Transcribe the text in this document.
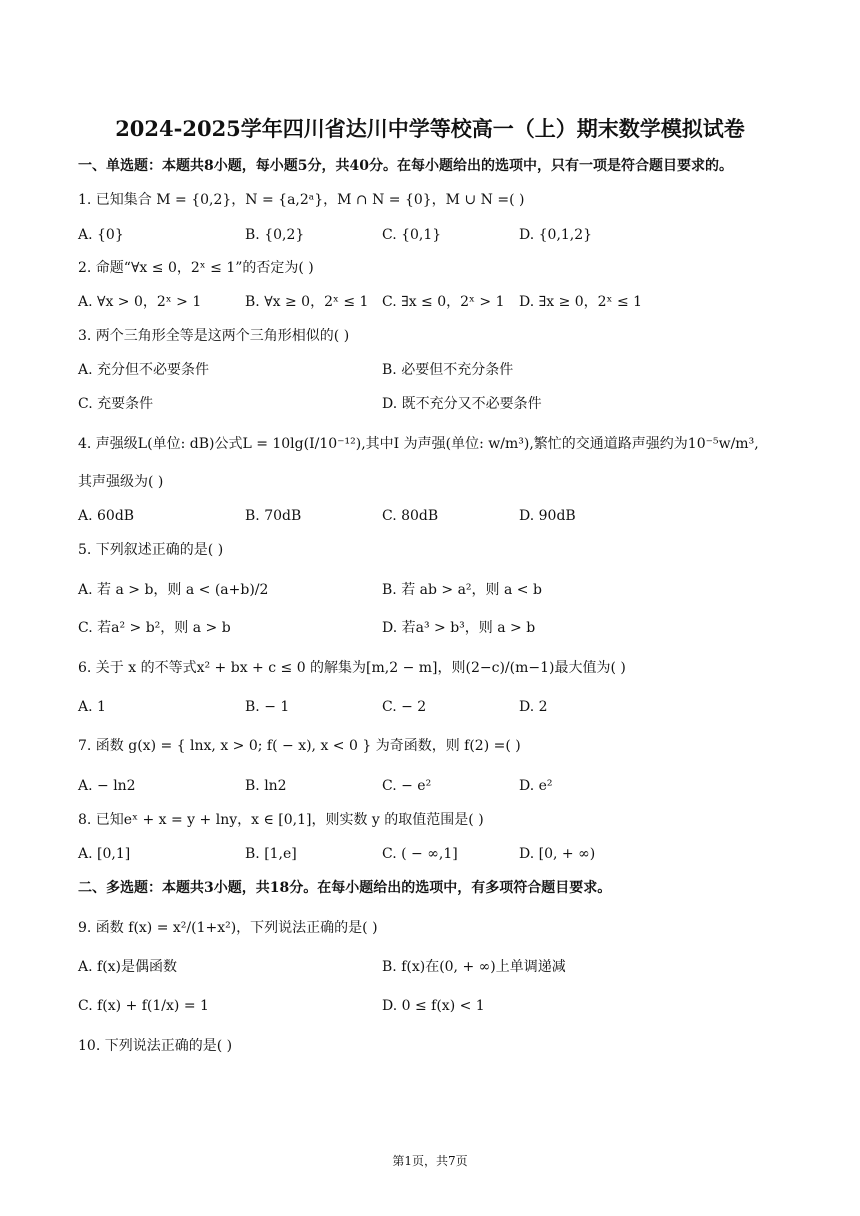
2024-2025学年四川省达川中学等校高一（上）期末数学模拟试卷
一、单选题：本题共8小题，每小题5分，共40分。在每小题给出的选项中，只有一项是符合题目要求的。
1. 已知集合 M = {0,2}，N = {a,2ᵃ}，M ∩ N = {0}，M ∪ N =( )
A. {0}	B. {0,2}	C. {0,1}	D. {0,1,2}
2. 命题“∀x ≤ 0，2ˣ ≤ 1”的否定为( )
A. ∀x > 0，2ˣ > 1	B. ∀x ≥ 0，2ˣ ≤ 1 C. ∃x ≤ 0，2ˣ > 1 D. ∃x ≥ 0，2ˣ ≤ 1
3. 两个三角形全等是这两个三角形相似的( )
A. 充分但不必要条件	B. 必要但不充分条件
C. 充要条件	D. 既不充分又不必要条件
4. 声强级L(单位: dB)公式L = 10lg(I/10⁻¹²),其中I 为声强(单位: w/m³),繁忙的交通道路声强约为10⁻⁵w/m³,
其声强级为( )
A. 60dB	B. 70dB	C. 80dB	D. 90dB
5. 下列叙述正确的是( )
A. 若 a > b，则 a < (a+b)/2	B. 若 ab > a²，则 a < b
C. 若a² > b²，则 a > b	D. 若a³ > b³，则 a > b
6. 关于 x 的不等式x² + bx + c ≤ 0 的解集为[m,2 − m]，则(2−c)/(m−1)最大值为( )
A. 1	B. − 1	C. − 2	D. 2
7. 函数 g(x) = { lnx, x > 0; f( − x), x < 0 } 为奇函数，则 f(2) =( )
A. − ln2	B. ln2	C. − e²	D. e²
8. 已知eˣ + x = y + lny，x ∈ [0,1]，则实数 y 的取值范围是( )
A. [0,1]	B. [1,e]	C. ( − ∞,1]	D. [0, + ∞)
二、多选题：本题共3小题，共18分。在每小题给出的选项中，有多项符合题目要求。
9. 函数 f(x) = x²/(1+x²)，下列说法正确的是( )
A. f(x)是偶函数	B. f(x)在(0, + ∞)上单调递减
C. f(x) + f(1/x) = 1	D. 0 ≤ f(x) < 1
10. 下列说法正确的是( )
第1页，共7页
